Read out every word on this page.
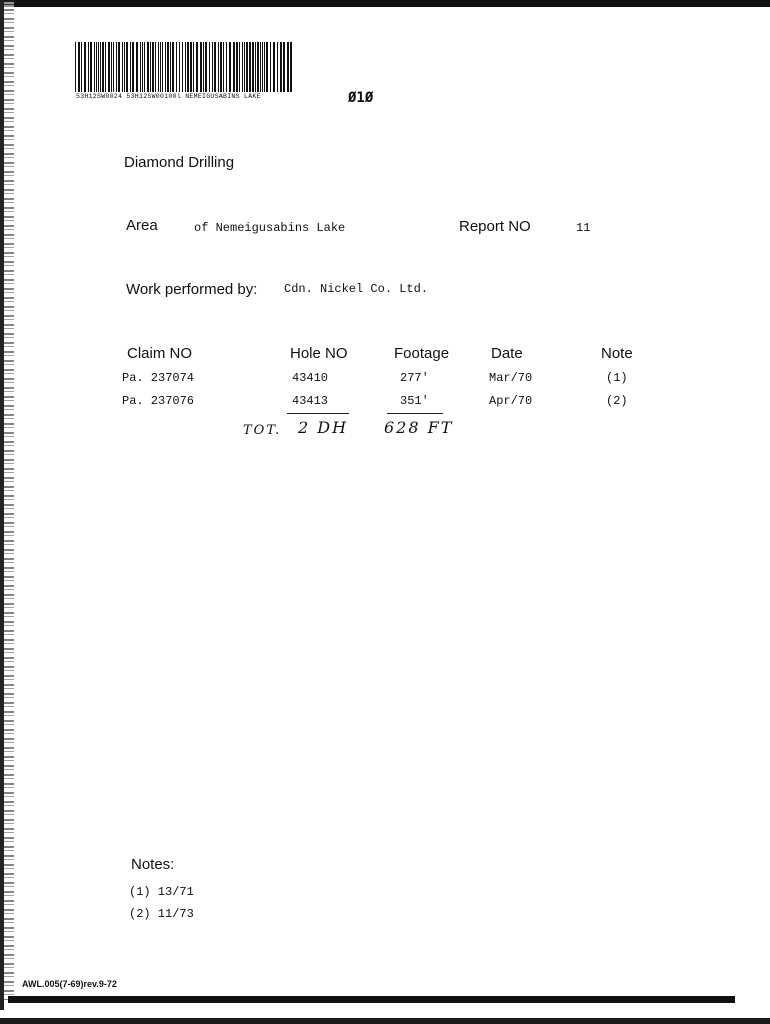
53H12SW0024 53H12SW00100l NEMEIGUSABINS LAKE	Ø1Ø
Diamond Drilling
Area	of Nemeigusabins Lake	Report NO	11
Work performed by: Cdn. Nickel Co. Ltd.
Claim NO	Hole NO	Footage	Date	Note
Pa. 237074	43410	277'	Mar/70	(1)
Pa. 237076	43413	351'	Apr/70	(2)
TOT. 2 DH 628 FT
Notes:
(1) 13/71
(2) 11/73
AWL.005(7-69)rev.9-72
